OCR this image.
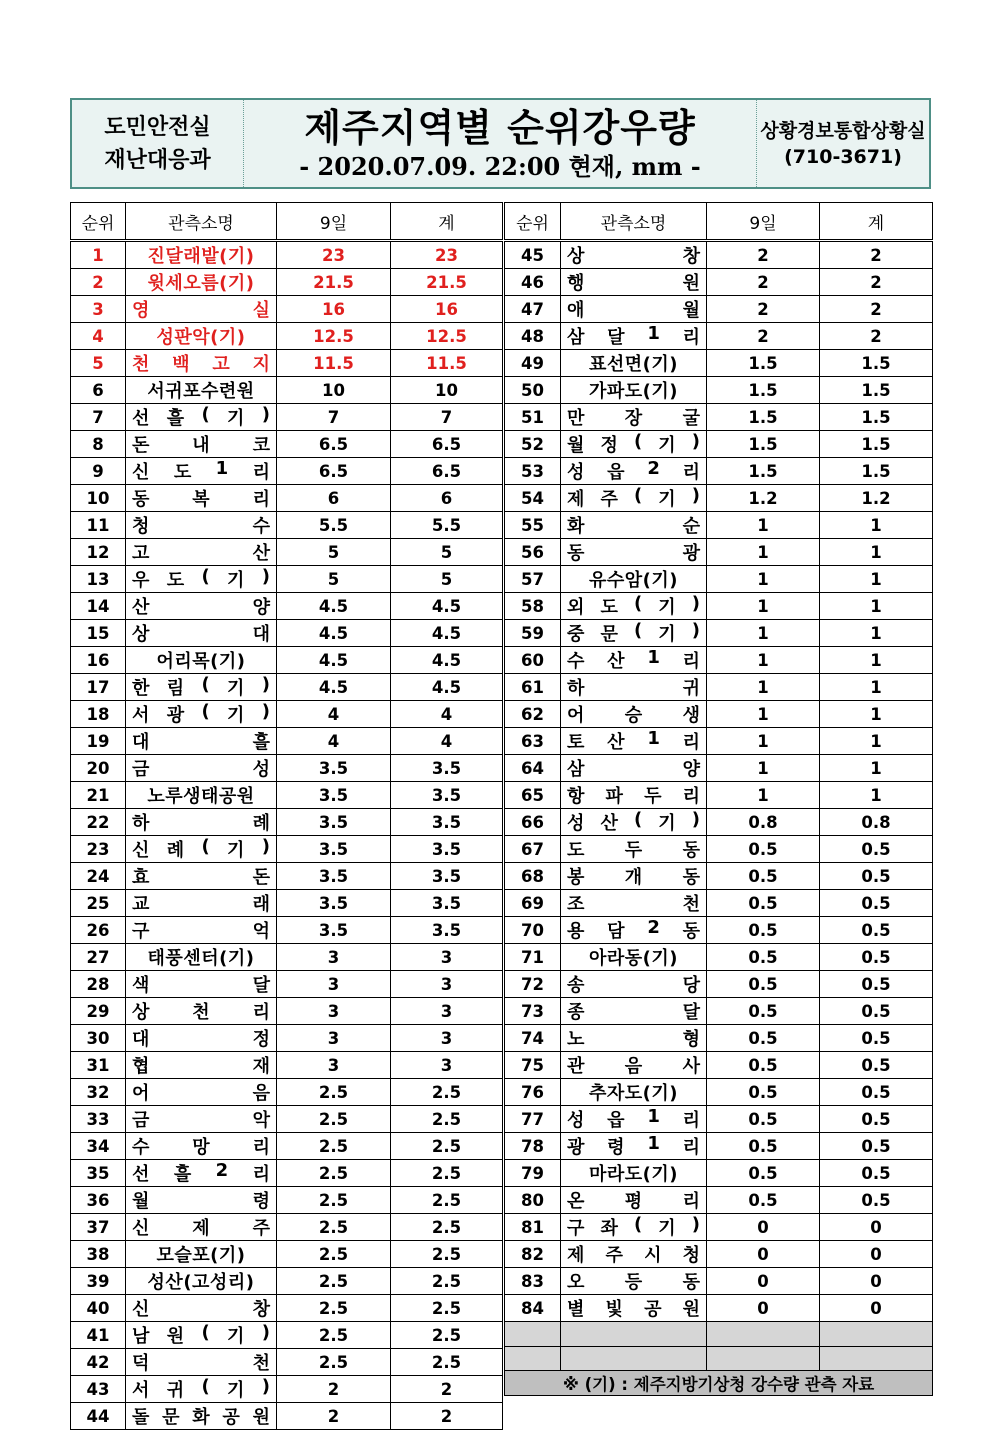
도민안전실
재난대응과
제주지역별 순위강우량
- 2020.07.09. 22:00 현재, mm -
상황경보통합상황실
(710-3671)
순위	관측소명	9일	계
1	진달래밭(기)	23	23
2	윗세오름(기)	21.5	21.5
3	영 실	16	16
4	성판악(기)	12.5	12.5
5	천 백 고 지	11.5	11.5
6	서귀포수련원	10	10
7	선 흘 ( 기 )	7	7
8	돈 내 코	6.5	6.5
9	신 도 1 리	6.5	6.5
10	동 복 리	6	6
11	청 수	5.5	5.5
12	고 산	5	5
13	우 도 ( 기 )	5	5
14	산 양	4.5	4.5
15	상 대	4.5	4.5
16	어리목(기)	4.5	4.5
17	한 림 ( 기 )	4.5	4.5
18	서 광 ( 기 )	4	4
19	대 흘	4	4
20	금 성	3.5	3.5
21	노루생태공원	3.5	3.5
22	하 례	3.5	3.5
23	신 례 ( 기 )	3.5	3.5
24	효 돈	3.5	3.5
25	교 래	3.5	3.5
26	구 억	3.5	3.5
27	태풍센터(기)	3	3
28	색 달	3	3
29	상 천 리	3	3
30	대 정	3	3
31	협 재	3	3
32	어 음	2.5	2.5
33	금 악	2.5	2.5
34	수 망 리	2.5	2.5
35	선 흘 2 리	2.5	2.5
36	월 령	2.5	2.5
37	신 제 주	2.5	2.5
38	모슬포(기)	2.5	2.5
39	성산(고성리)	2.5	2.5
40	신 창	2.5	2.5
41	남 원 ( 기 )	2.5	2.5
42	덕 천	2.5	2.5
43	서 귀 ( 기 )	2	2
44	돌 문 화 공 원	2	2
순위	관측소명	9일	계
45	상 창	2	2
46	행 원	2	2
47	애 월	2	2
48	삼 달 1 리	2	2
49	표선면(기)	1.5	1.5
50	가파도(기)	1.5	1.5
51	만 장 굴	1.5	1.5
52	월 정 ( 기 )	1.5	1.5
53	성 읍 2 리	1.5	1.5
54	제 주 ( 기 )	1.2	1.2
55	화 순	1	1
56	동 광	1	1
57	유수암(기)	1	1
58	외 도 ( 기 )	1	1
59	중 문 ( 기 )	1	1
60	수 산 1 리	1	1
61	하 귀	1	1
62	어 승 생	1	1
63	토 산 1 리	1	1
64	삼 양	1	1
65	항 파 두 리	1	1
66	성 산 ( 기 )	0.8	0.8
67	도 두 동	0.5	0.5
68	봉 개 동	0.5	0.5
69	조 천	0.5	0.5
70	용 담 2 동	0.5	0.5
71	아라동(기)	0.5	0.5
72	송 당	0.5	0.5
73	종 달	0.5	0.5
74	노 형	0.5	0.5
75	관 음 사	0.5	0.5
76	추자도(기)	0.5	0.5
77	성 읍 1 리	0.5	0.5
78	광 령 1 리	0.5	0.5
79	마라도(기)	0.5	0.5
80	온 평 리	0.5	0.5
81	구 좌 ( 기 )	0	0
82	제 주 시 청	0	0
83	오 등 동	0	0
84	별 빛 공 원	0	0

※ (기) : 제주지방기상청 강수량 관측 자료			
